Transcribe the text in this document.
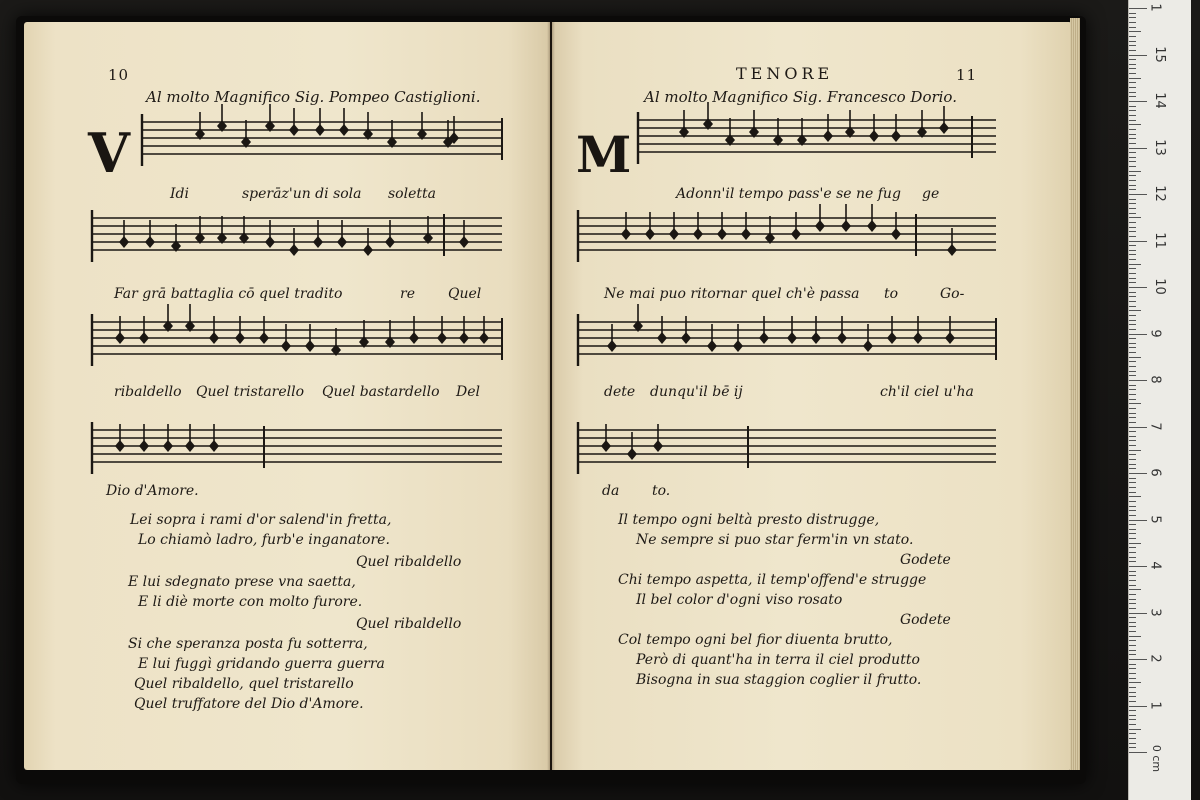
10
Al molto Magnifico Sig. Pompeo Castiglioni.
V
Idi	sperāz'un di sola soletta
Far grā battaglia cō quel tradito	re Quel
ribaldello Quel tristarello Quel bastardello Del
Dio d'Amore.
Lei sopra i rami d'or salend'in fretta,
Lo chiamò ladro, furb'e inganatore.
Quel ribaldello
E lui sdegnato prese vna saetta,
E li diè morte con molto furore.
Quel ribaldello
Si che speranza posta fu sotterra,
E lui fuggì gridando guerra guerra
Quel ribaldello, quel tristarello
Quel truffatore del Dio d'Amore.
TENORE	11
Al molto Magnifico Sig. Francesco Dorio.
M
Adonn'il tempo pass'e se ne fug ge
Ne mai puo ritornar quel ch'è passa to	Go-
dete dunqu'il bē ij	ch'il ciel u'ha
da to.
Il tempo ogni beltà presto distrugge,
Ne sempre si puo star ferm'in vn stato.
Godete
Chi tempo aspetta, il temp'offend'e strugge
Il bel color d'ogni viso rosato
Godete
Col tempo ogni bel fior diuenta brutto,
Però di quant'ha in terra il ciel produtto
Bisogna in sua staggion coglier il frutto.
0 cm
1
2
3
4
5
6
7
8
9
10
11
12
13
14
15
1
